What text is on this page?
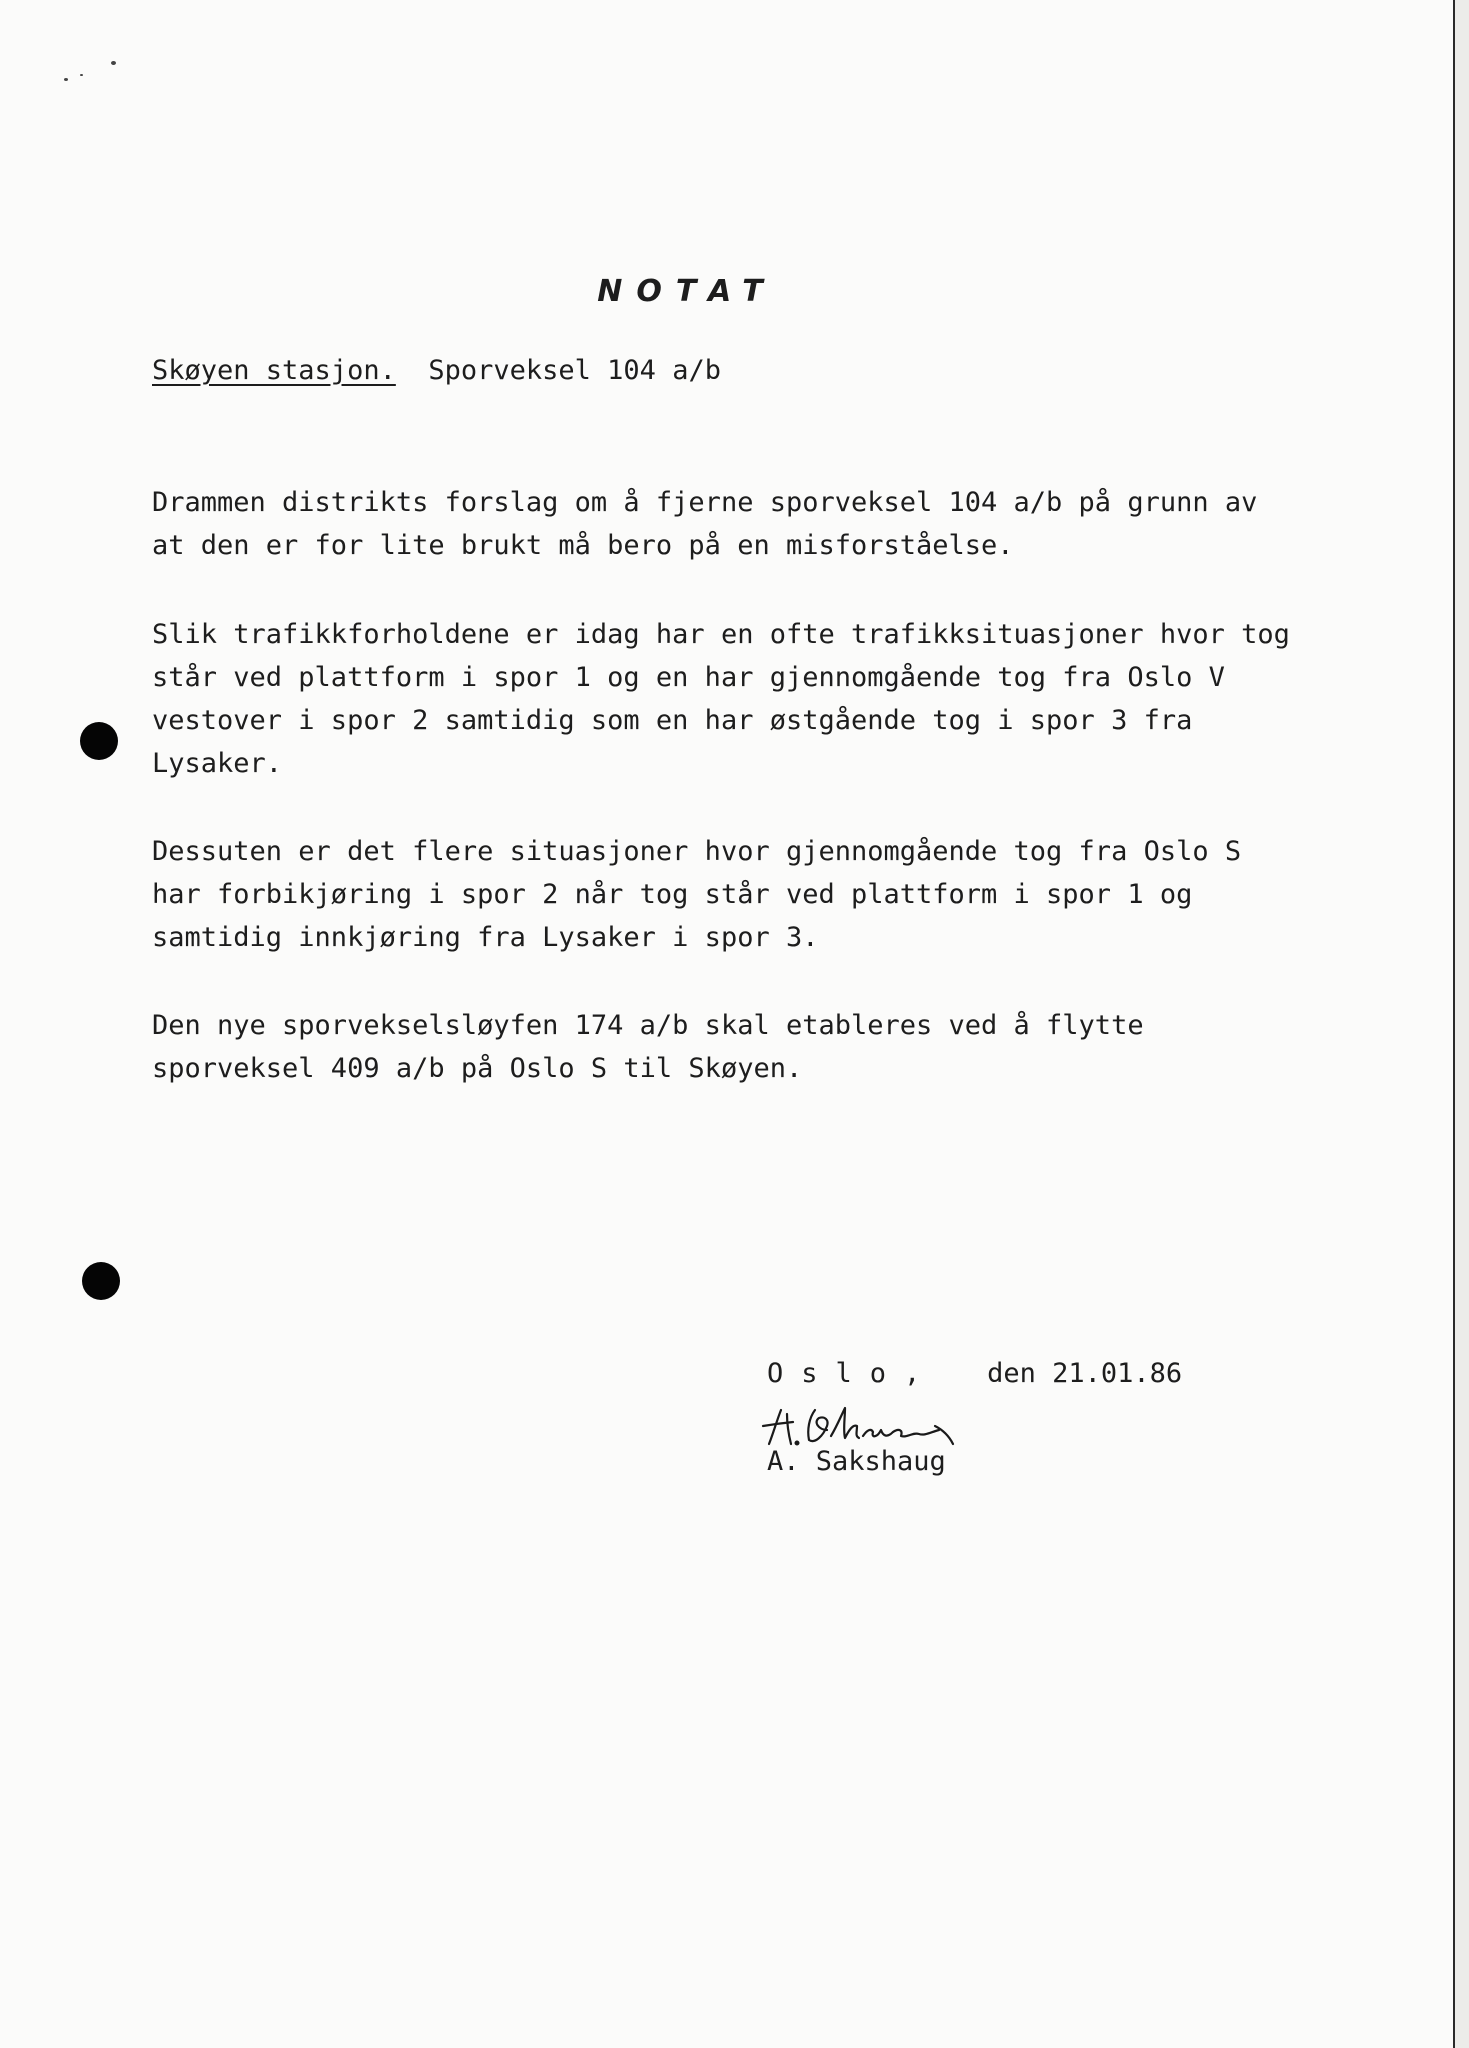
NOTAT
Skøyen stasjon. Sporveksel 104 a/b
Drammen distrikts forslag om å fjerne sporveksel 104 a/b på grunn av
at den er for lite brukt må bero på en misforståelse.
Slik trafikkforholdene er idag har en ofte trafikksituasjoner hvor tog
står ved plattform i spor 1 og en har gjennomgående tog fra Oslo V
vestover i spor 2 samtidig som en har østgående tog i spor 3 fra
Lysaker.
Dessuten er det flere situasjoner hvor gjennomgående tog fra Oslo S
har forbikjøring i spor 2 når tog står ved plattform i spor 1 og
samtidig innkjøring fra Lysaker i spor 3.
Den nye sporvekselsløyfen 174 a/b skal etableres ved å flytte
sporveksel 409 a/b på Oslo S til Skøyen.
Oslo, den 21.01.86
A. Sakshaug
